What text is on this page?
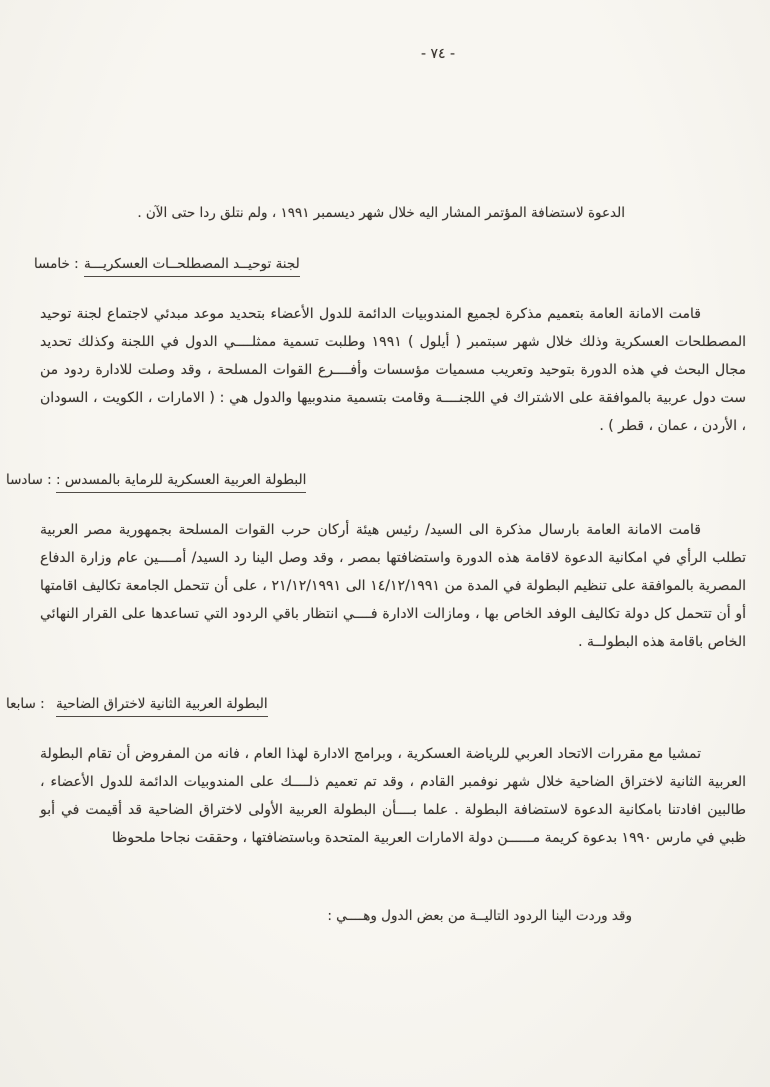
- ٧٤ -
الدعوة لاستضافة المؤتمر المشار اليه خلال شهر ديسمبر ١٩٩١ ، ولم نتلق ردا حتى الآن .
خامسا : لجنة توحيــد المصطلحــات العسكريـــة

قامت الامانة العامة بتعميم مذكرة لجميع المندوبيات الدائمة للدول الأعضاء بتحديد موعد مبدئي لاجتماع لجنة توحيد المصطلحات العسكرية وذلك خلال شهر سبتمبر ( أيلول ) ١٩٩١ وطلبت تسمية ممثلــــي الدول في اللجنة وكذلك تحديد مجال البحث في هذه الدورة بتوحيد وتعريب مسميات مؤسسات وأفــــرع القوات المسلحة ، وقد وصلت للادارة ردود من ست دول عربية بالموافقة على الاشتراك في اللجنــــة وقامت بتسمية مندوبيها والدول هي : ( الامارات ، الكويت ، السودان ، الأردن ، عمان ، قطر ) .

سادسا : البطولة العربية العسكرية للرماية بالمسدس :

قامت الامانة العامة بارسال مذكرة الى السيد/ رئيس هيئة أركان حرب القوات المسلحة بجمهورية مصر العربية تطلب الرأي في امكانية الدعوة لاقامة هذه الدورة واستضافتها بمصر ، وقد وصل الينا رد السيد/ أمــــين عام وزارة الدفاع المصرية بالموافقة على تنظيم البطولة في المدة من ١٤/١٢/١٩٩١ الى ٢١/١٢/١٩٩١ ، على أن تتحمل الجامعة تكاليف اقامتها أو أن تتحمل كل دولة تكاليف الوفد الخاص بها ، ومازالت الادارة فــــي انتظار باقي الردود التي تساعدها على القرار النهائي الخاص باقامة هذه البطولــة .

سابعا : البطولة العربية الثانية لاختراق الضاحية

تمشيا مع مقررات الاتحاد العربي للرياضة العسكرية ، وبرامج الادارة لهذا العام ، فانه من المفروض أن تقام البطولة العربية الثانية لاختراق الضاحية خلال شهر نوفمبر القادم ، وقد تم تعميم ذلــــك على المندوبيات الدائمة للدول الأعضاء ، طالبين افادتنا بامكانية الدعوة لاستضافة البطولة . علما بــــأن البطولة العربية الأولى لاختراق الضاحية قد أقيمت في أبو ظبي في مارس ١٩٩٠ بدعوة كريمة مــــــن دولة الامارات العربية المتحدة وباستضافتها ، وحققت نجاحا ملحوظا

وقد وردت الينا الردود التاليــة من بعض الدول وهــــي :
